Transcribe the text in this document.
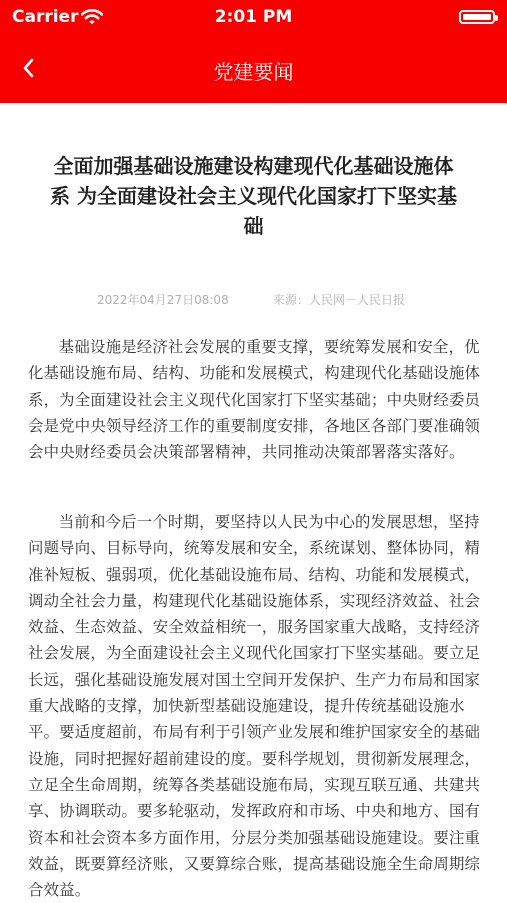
Carrier	2:01 PM
党建要闻
全面加强基础设施建设构建现代化基础设施体系 为全面建设社会主义现代化国家打下坚实基础
2022年04月27日08:08	来源：人民网－人民日报

基础设施是经济社会发展的重要支撑，要统筹发展和安全，优化基础设施布局、结构、功能和发展模式，构建现代化基础设施体系，为全面建设社会主义现代化国家打下坚实基础；中央财经委员会是党中央领导经济工作的重要制度安排，各地区各部门要准确领会中央财经委员会决策部署精神，共同推动决策部署落实落好。

当前和今后一个时期，要坚持以人民为中心的发展思想，坚持问题导向、目标导向，统筹发展和安全，系统谋划、整体协同，精准补短板、强弱项，优化基础设施布局、结构、功能和发展模式，调动全社会力量，构建现代化基础设施体系，实现经济效益、社会效益、生态效益、安全效益相统一，服务国家重大战略，支持经济社会发展，为全面建设社会主义现代化国家打下坚实基础。要立足长远，强化基础设施发展对国土空间开发保护、生产力布局和国家重大战略的支撑，加快新型基础设施建设，提升传统基础设施水平。要适度超前，布局有利于引领产业发展和维护国家安全的基础设施，同时把握好超前建设的度。要科学规划，贯彻新发展理念，立足全生命周期，统筹各类基础设施布局，实现互联互通、共建共享、协调联动。要多轮驱动，发挥政府和市场、中央和地方、国有资本和社会资本多方面作用，分层分类加强基础设施建设。要注重效益，既要算经济账，又要算综合账，提高基础设施全生命周期综合效益。
